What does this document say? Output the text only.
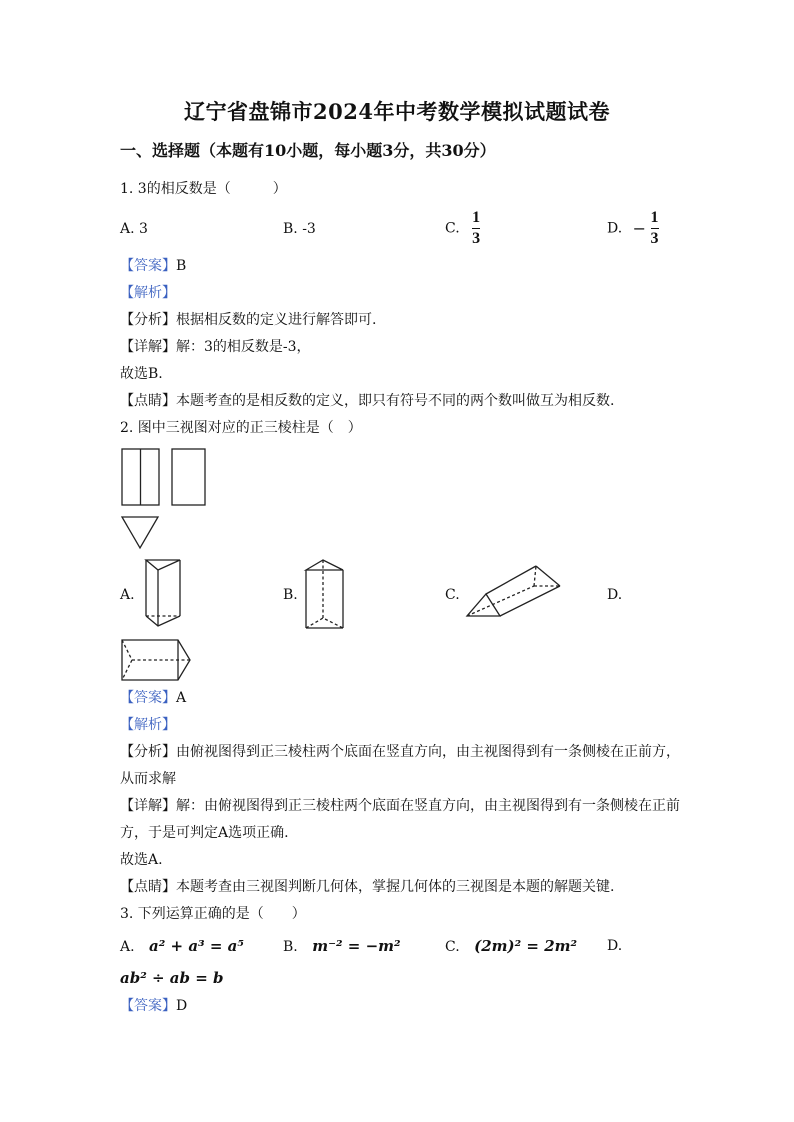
辽宁省盘锦市2024年中考数学模拟试题试卷
一、选择题（本题有10小题，每小题3分，共30分）
1. 3的相反数是（　　　）
A. 3	B. -3	C. $\frac{1}{3}$	D. − $\frac{1}{3}$
【答案】B
【解析】
【分析】根据相反数的定义进行解答即可.
【详解】解：3的相反数是-3，
故选B.
【点睛】本题考查的是相反数的定义，即只有符号不同的两个数叫做互为相反数.
2. 图中三视图对应的正三棱柱是（　）
A.	B.	C.	D.
【答案】A
【解析】
【分析】由俯视图得到正三棱柱两个底面在竖直方向，由主视图得到有一条侧棱在正前方，
从而求解
【详解】解：由俯视图得到正三棱柱两个底面在竖直方向，由主视图得到有一条侧棱在正前
方，于是可判定A选项正确.
故选A.
【点睛】本题考查由三视图判断几何体，掌握几何体的三视图是本题的解题关键.
3. 下列运算正确的是（　　）
A. a² + a³ = a⁵	B. m⁻² = −m²	C. (2m)² = 2m² D.
ab² ÷ ab = b
【答案】D
